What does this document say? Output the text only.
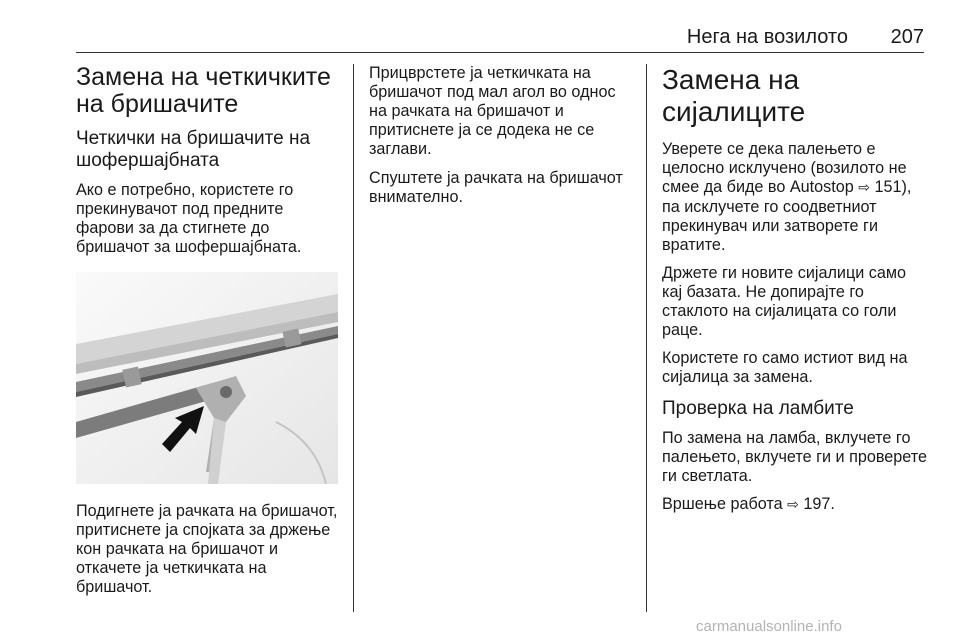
Нега на возилото 207
Замена на четкичките на бришачите
Четкички на бришачите на шофершајбната

Ако е потребно, користете го прекинувачот под предните фарови за да стигнете до бришачот за шофершајбната.

Подигнете ја рачката на бришачот, притиснете ја спојката за држење кон рачката на бришачот и откачете ја четкичката на бришачот.

Прицврстете ја четкичката на бришачот под мал агол во однос на рачката на бришачот и притиснете ја се додека не се заглави.

Спуштете ја рачката на бришачот внимателно.

Замена на сијалиците

Уверете се дека палењето е целосно исклучено (возилото не смее да биде во Autostop ⇨ 151), па исклучете го соодветниот прекинувач или затворете ги вратите.

Држете ги новите сијалици само кај базата. Не допирајте го стаклото на сијалицата со голи раце.

Користете го само истиот вид на сијалица за замена.

Проверка на ламбите

По замена на ламба, вклучете го палењето, вклучете ги и проверете ги светлата.

Вршење работа ⇨ 197.

carmanualsonline.info
